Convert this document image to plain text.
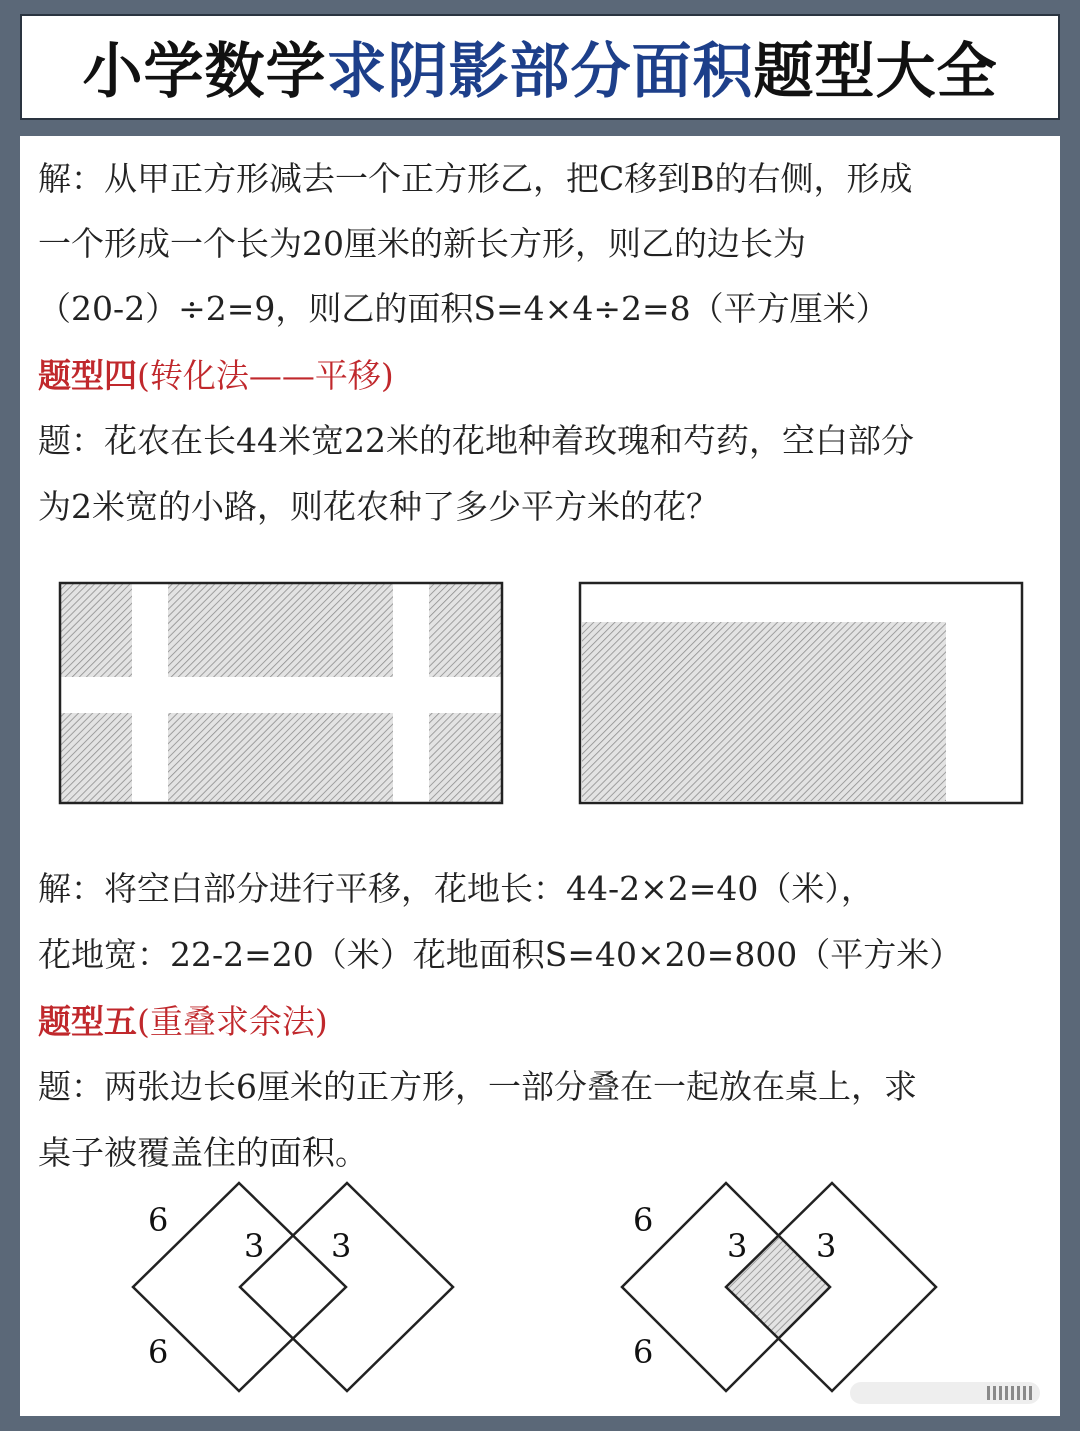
小学数学 求阴影部分面积 题型大全
解：从甲正方形减去一个正方形乙，把C移到B的右侧，形成
一个形成一个长为20厘米的新长方形，则乙的边长为
（20-2）÷2=9，则乙的面积S=4×4÷2=8（平方厘米）
题型四(转化法——平移)
题：花农在长44米宽22米的花地种着玫瑰和芍药，空白部分
为2米宽的小路，则花农种了多少平方米的花？
解：将空白部分进行平移，花地长：44-2×2=40（米），
花地宽：22-2=20（米）花地面积S=40×20=800（平方米）
题型五(重叠求余法)
题：两张边长6厘米的正方形，一部分叠在一起放在桌上，求
桌子被覆盖住的面积。
6
3 3
6
6
3 3
6
